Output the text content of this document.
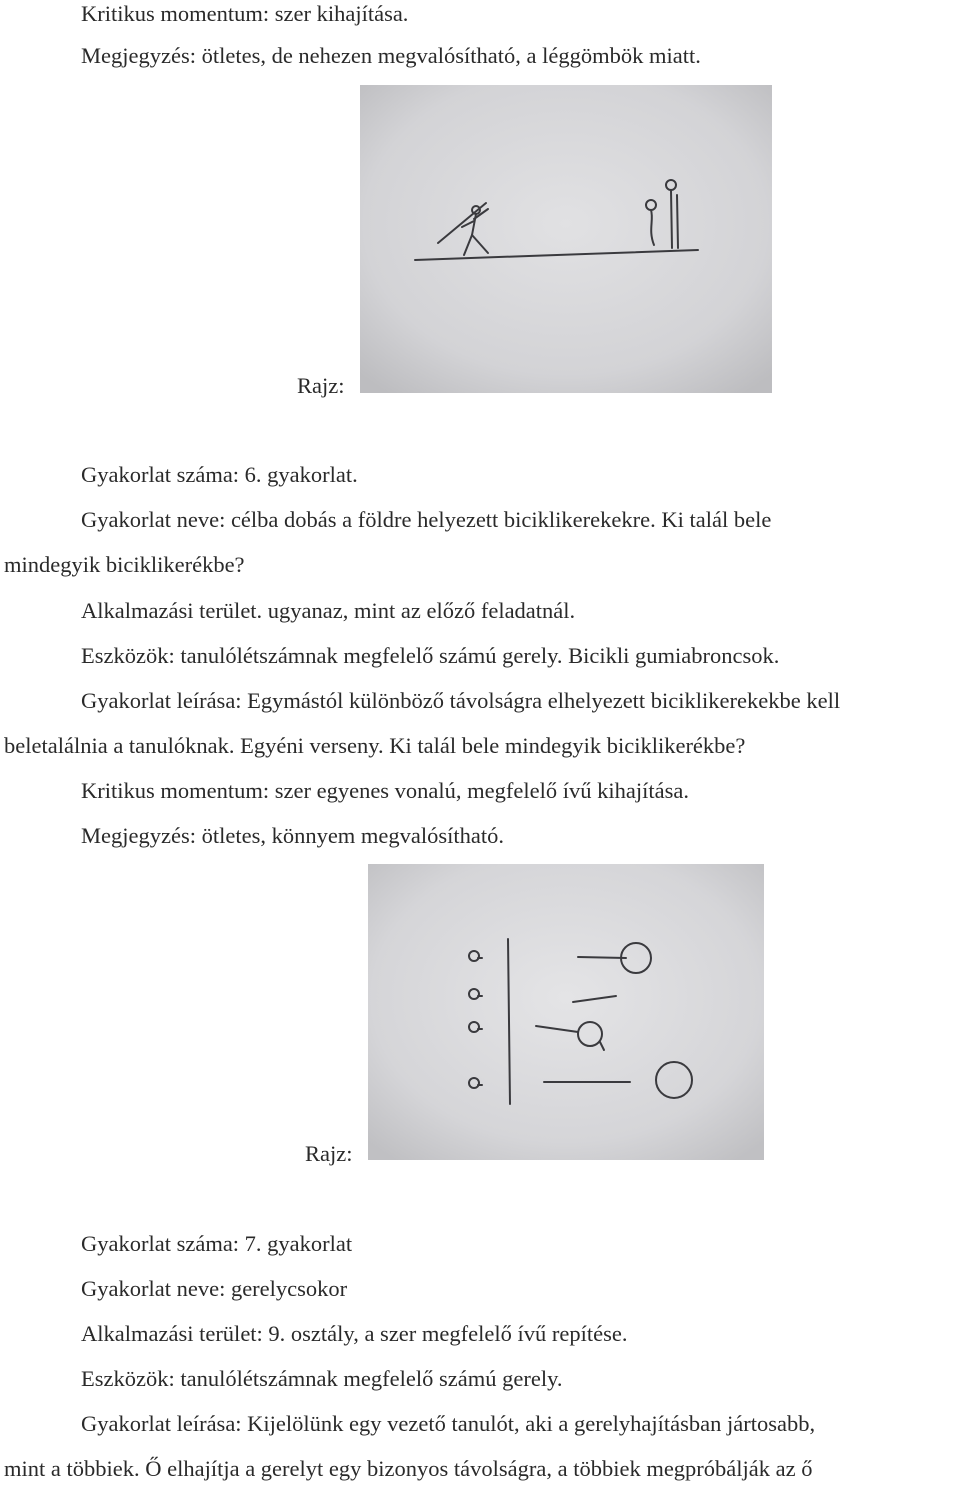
Kritikus momentum: szer kihajítása.
Megjegyzés: ötletes, de nehezen megvalósítható, a léggömbök miatt.
Rajz:
Gyakorlat száma: 6. gyakorlat.
Gyakorlat neve: célba dobás a földre helyezett biciklikerekekre. Ki talál bele
mindegyik biciklikerékbe?
Alkalmazási terület. ugyanaz, mint az előző feladatnál.
Eszközök: tanulólétszámnak megfelelő számú gerely. Bicikli gumiabroncsok.
Gyakorlat leírása: Egymástól különböző távolságra elhelyezett biciklikerekekbe kell
beletalálnia a tanulóknak. Egyéni verseny. Ki talál bele mindegyik biciklikerékbe?
Kritikus momentum: szer egyenes vonalú, megfelelő ívű kihajítása.
Megjegyzés: ötletes, könnyem megvalósítható.
Rajz:
Gyakorlat száma: 7. gyakorlat
Gyakorlat neve: gerelycsokor
Alkalmazási terület: 9. osztály, a szer megfelelő ívű repítése.
Eszközök: tanulólétszámnak megfelelő számú gerely.
Gyakorlat leírása: Kijelölünk egy vezető tanulót, aki a gerelyhajításban jártosabb,
mint a többiek. Ő elhajítja a gerelyt egy bizonyos távolságra, a többiek megpróbálják az ő
